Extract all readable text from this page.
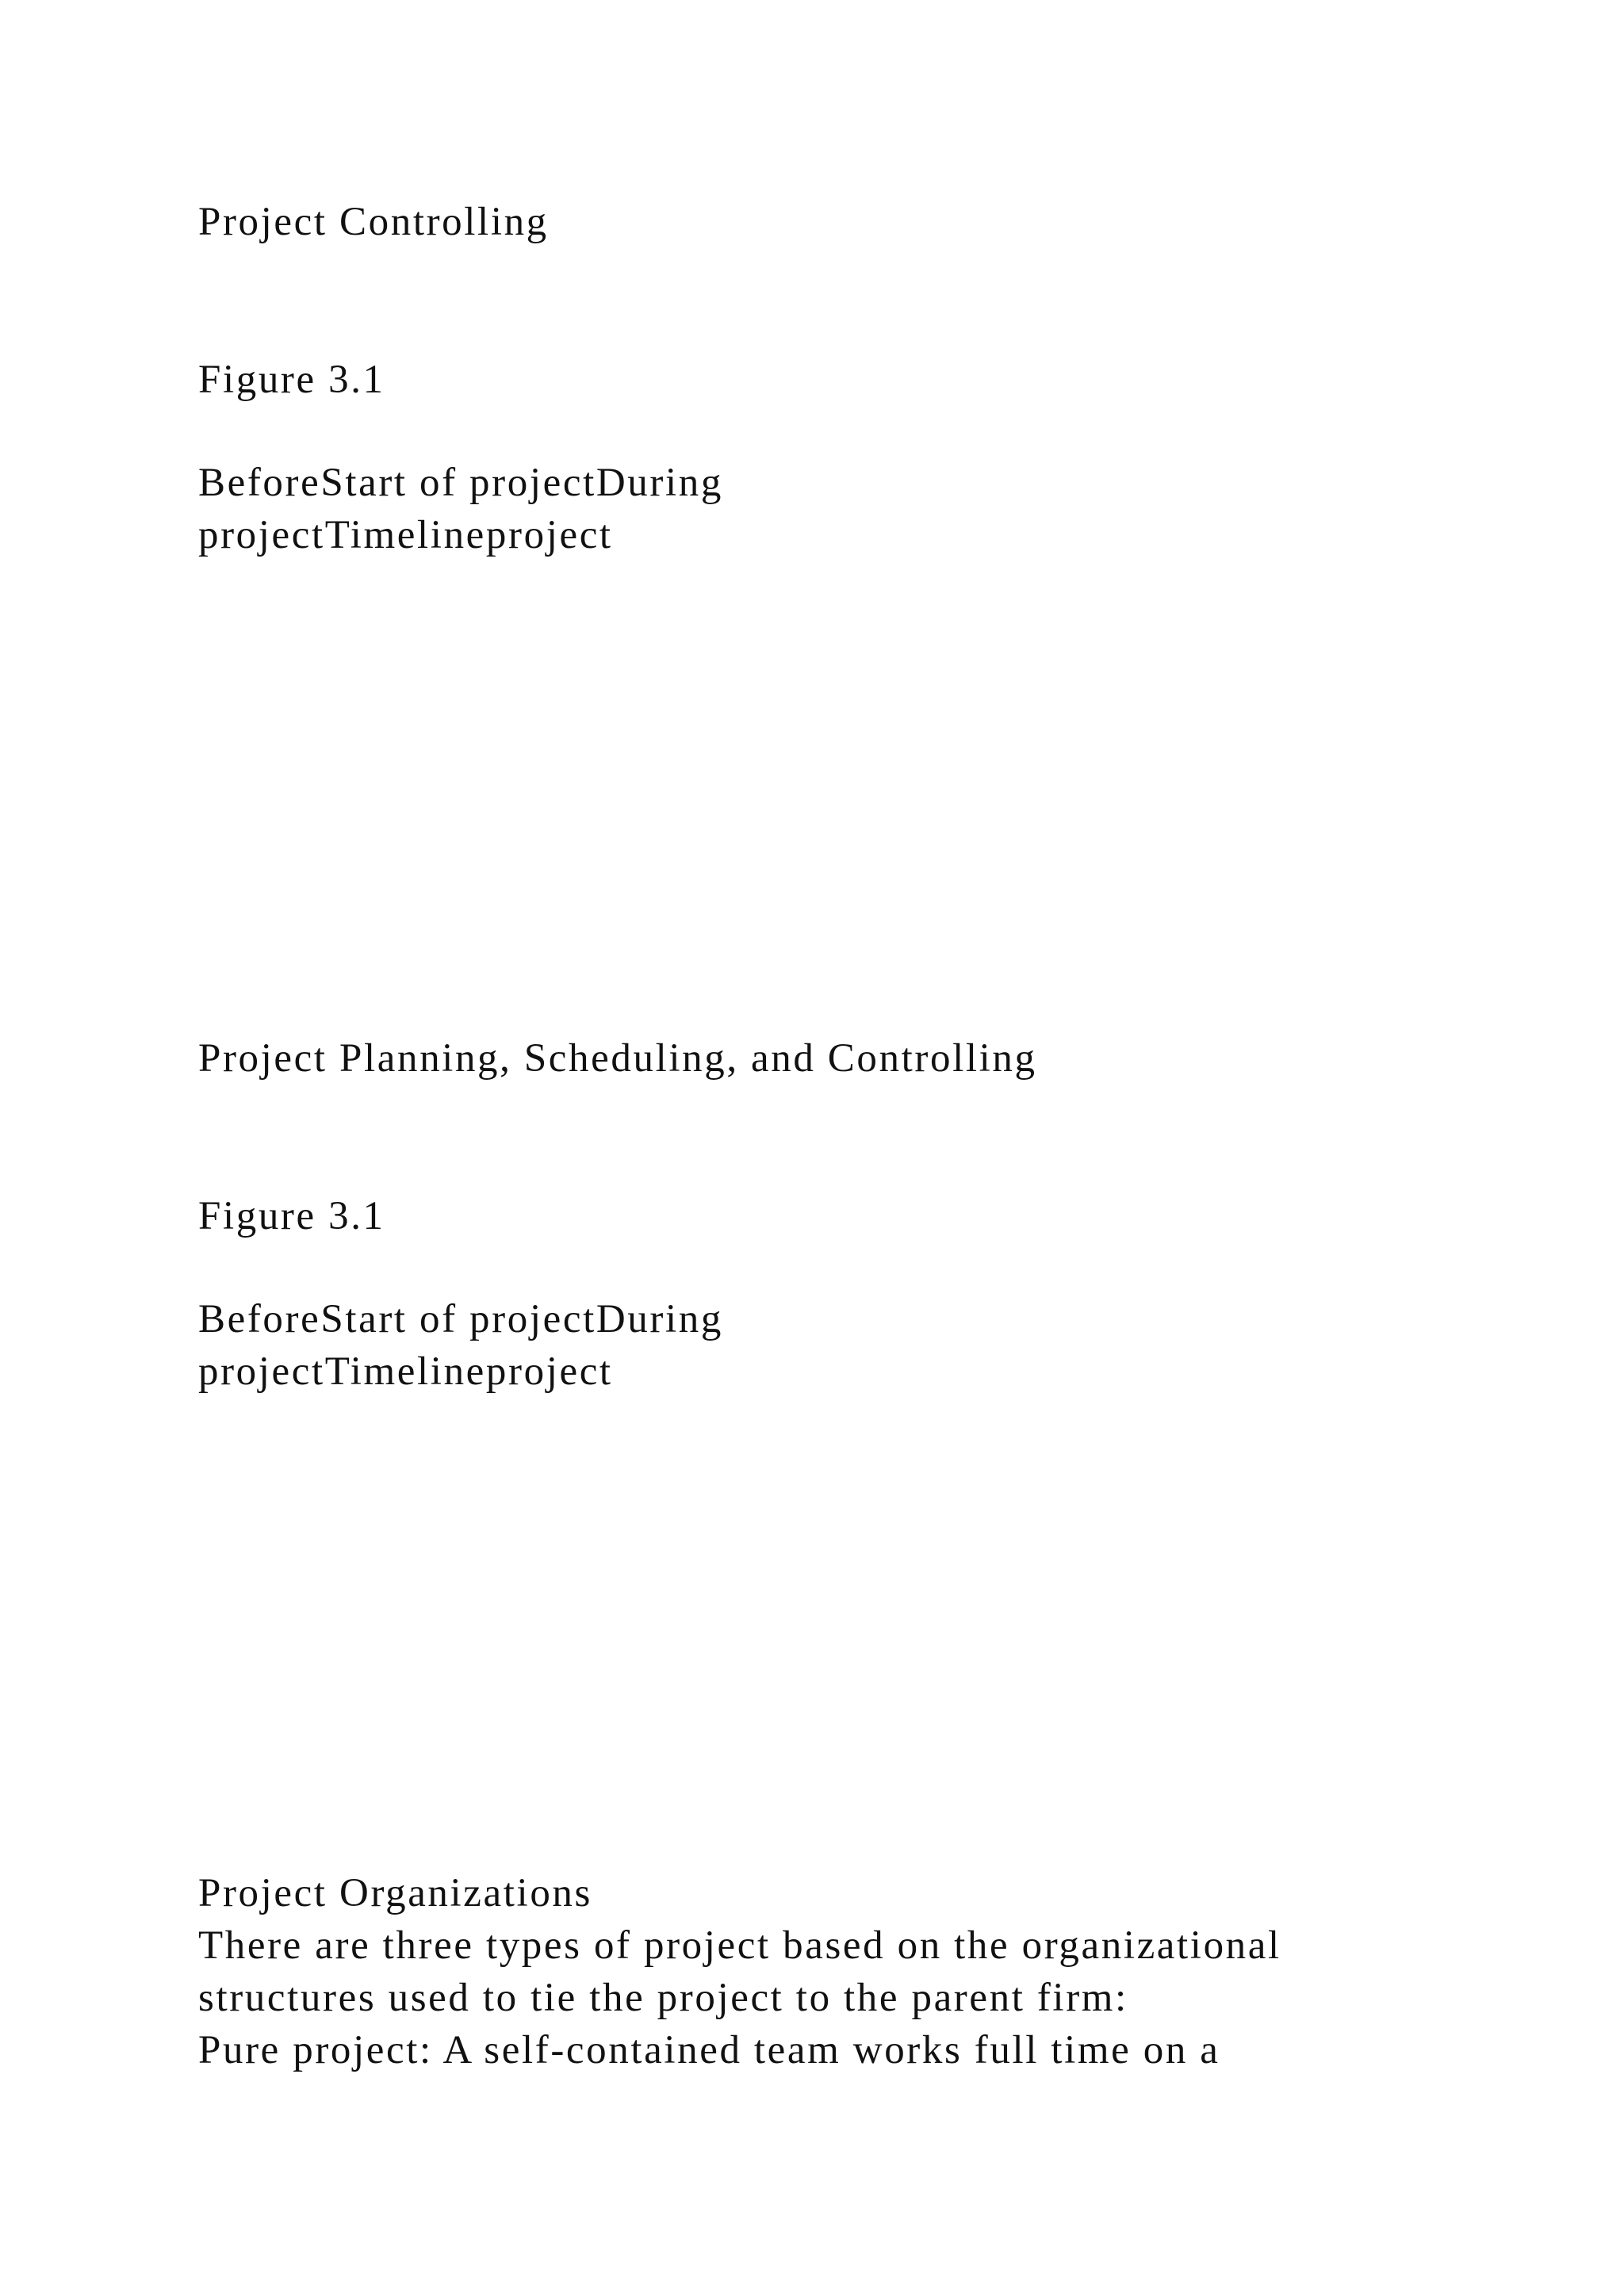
Project Controlling

Figure 3.1

BeforeStart of projectDuring

projectTimelineproject

Project Planning, Scheduling, and Controlling

Figure 3.1

BeforeStart of projectDuring

projectTimelineproject

Project Organizations

There are three types of project based on the organizational

structures used to tie the project to the parent firm:

Pure project: A self-contained team works full time on a
